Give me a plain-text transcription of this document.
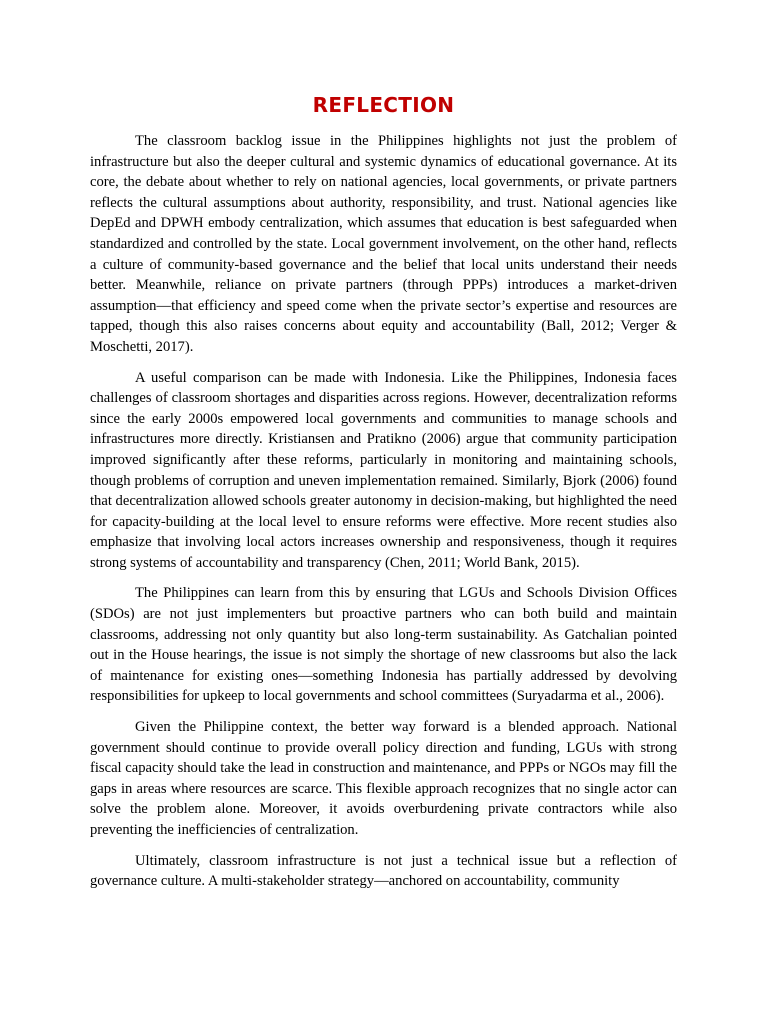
REFLECTION

The classroom backlog issue in the Philippines highlights not just the problem of infrastructure but also the deeper cultural and systemic dynamics of educational governance. At its core, the debate about whether to rely on national agencies, local governments, or private partners reflects the cultural assumptions about authority, responsibility, and trust. National agencies like DepEd and DPWH embody centralization, which assumes that education is best safeguarded when standardized and controlled by the state. Local government involvement, on the other hand, reflects a culture of community-based governance and the belief that local units understand their needs better. Meanwhile, reliance on private partners (through PPPs) introduces a market-driven assumption—that efficiency and speed come when the private sector’s expertise and resources are tapped, though this also raises concerns about equity and accountability (Ball, 2012; Verger & Moschetti, 2017).

A useful comparison can be made with Indonesia. Like the Philippines, Indonesia faces challenges of classroom shortages and disparities across regions. However, decentralization reforms since the early 2000s empowered local governments and communities to manage schools and infrastructures more directly. Kristiansen and Pratikno (2006) argue that community participation improved significantly after these reforms, particularly in monitoring and maintaining schools, though problems of corruption and uneven implementation remained. Similarly, Bjork (2006) found that decentralization allowed schools greater autonomy in decision-making, but highlighted the need for capacity-building at the local level to ensure reforms were effective. More recent studies also emphasize that involving local actors increases ownership and responsiveness, though it requires strong systems of accountability and transparency (Chen, 2011; World Bank, 2015).

The Philippines can learn from this by ensuring that LGUs and Schools Division Offices (SDOs) are not just implementers but proactive partners who can both build and maintain classrooms, addressing not only quantity but also long-term sustainability. As Gatchalian pointed out in the House hearings, the issue is not simply the shortage of new classrooms but also the lack of maintenance for existing ones—something Indonesia has partially addressed by devolving responsibilities for upkeep to local governments and school committees (Suryadarma et al., 2006).

Given the Philippine context, the better way forward is a blended approach. National government should continue to provide overall policy direction and funding, LGUs with strong fiscal capacity should take the lead in construction and maintenance, and PPPs or NGOs may fill the gaps in areas where resources are scarce. This flexible approach recognizes that no single actor can solve the problem alone. Moreover, it avoids overburdening private contractors while also preventing the inefficiencies of centralization.

Ultimately, classroom infrastructure is not just a technical issue but a reflection of governance culture. A multi-stakeholder strategy—anchored on accountability, community
